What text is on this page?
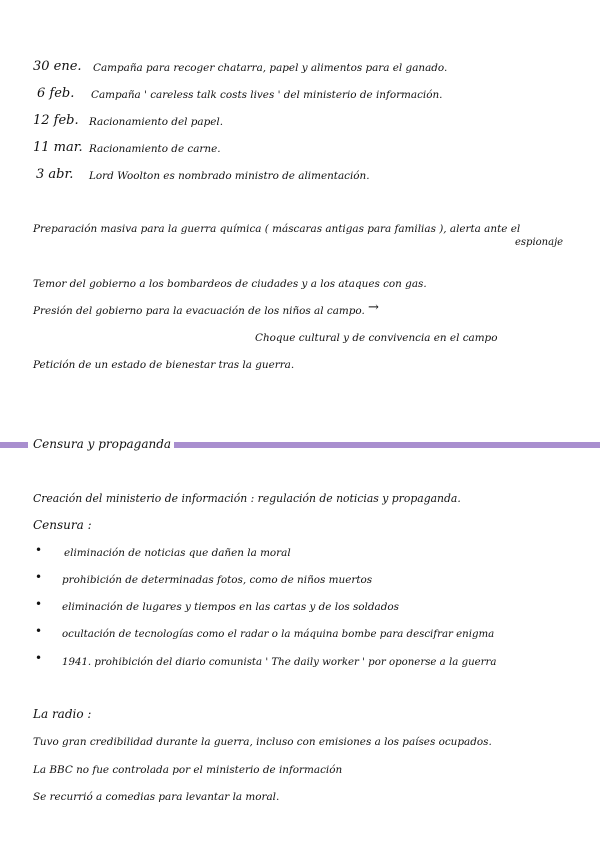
30 ene. Campaña para recoger chatarra, papel y alimentos para el ganado.
6 feb. Campaña ' careless talk costs lives ' del ministerio de información.
12 feb. Racionamiento del papel.
11 mar. Racionamiento de carne.
3 abr. Lord Woolton es nombrado ministro de alimentación.
Preparación masiva para la guerra química ( máscaras antigas para familias ), alerta ante el
espionaje
Temor del gobierno a los bombardeos de ciudades y a los ataques con gas.
Presión del gobierno para la evacuación de los niños al campo. →
Choque cultural y de convivencia en el campo
Petición de un estado de bienestar tras la guerra.
Censura y propaganda
Creación del ministerio de información : regulación de noticias y propaganda.
Censura :
• eliminación de noticias que dañen la moral
• prohibición de determinadas fotos, como de niños muertos
• eliminación de lugares y tiempos en las cartas y de los soldados
• ocultación de tecnologías como el radar o la máquina bombe para descifrar enigma
• 1941. prohibición del diario comunista ' The daily worker ' por oponerse a la guerra
La radio :
Tuvo gran credibilidad durante la guerra, incluso con emisiones a los países ocupados.
La BBC no fue controlada por el ministerio de información
Se recurrió a comedias para levantar la moral.
